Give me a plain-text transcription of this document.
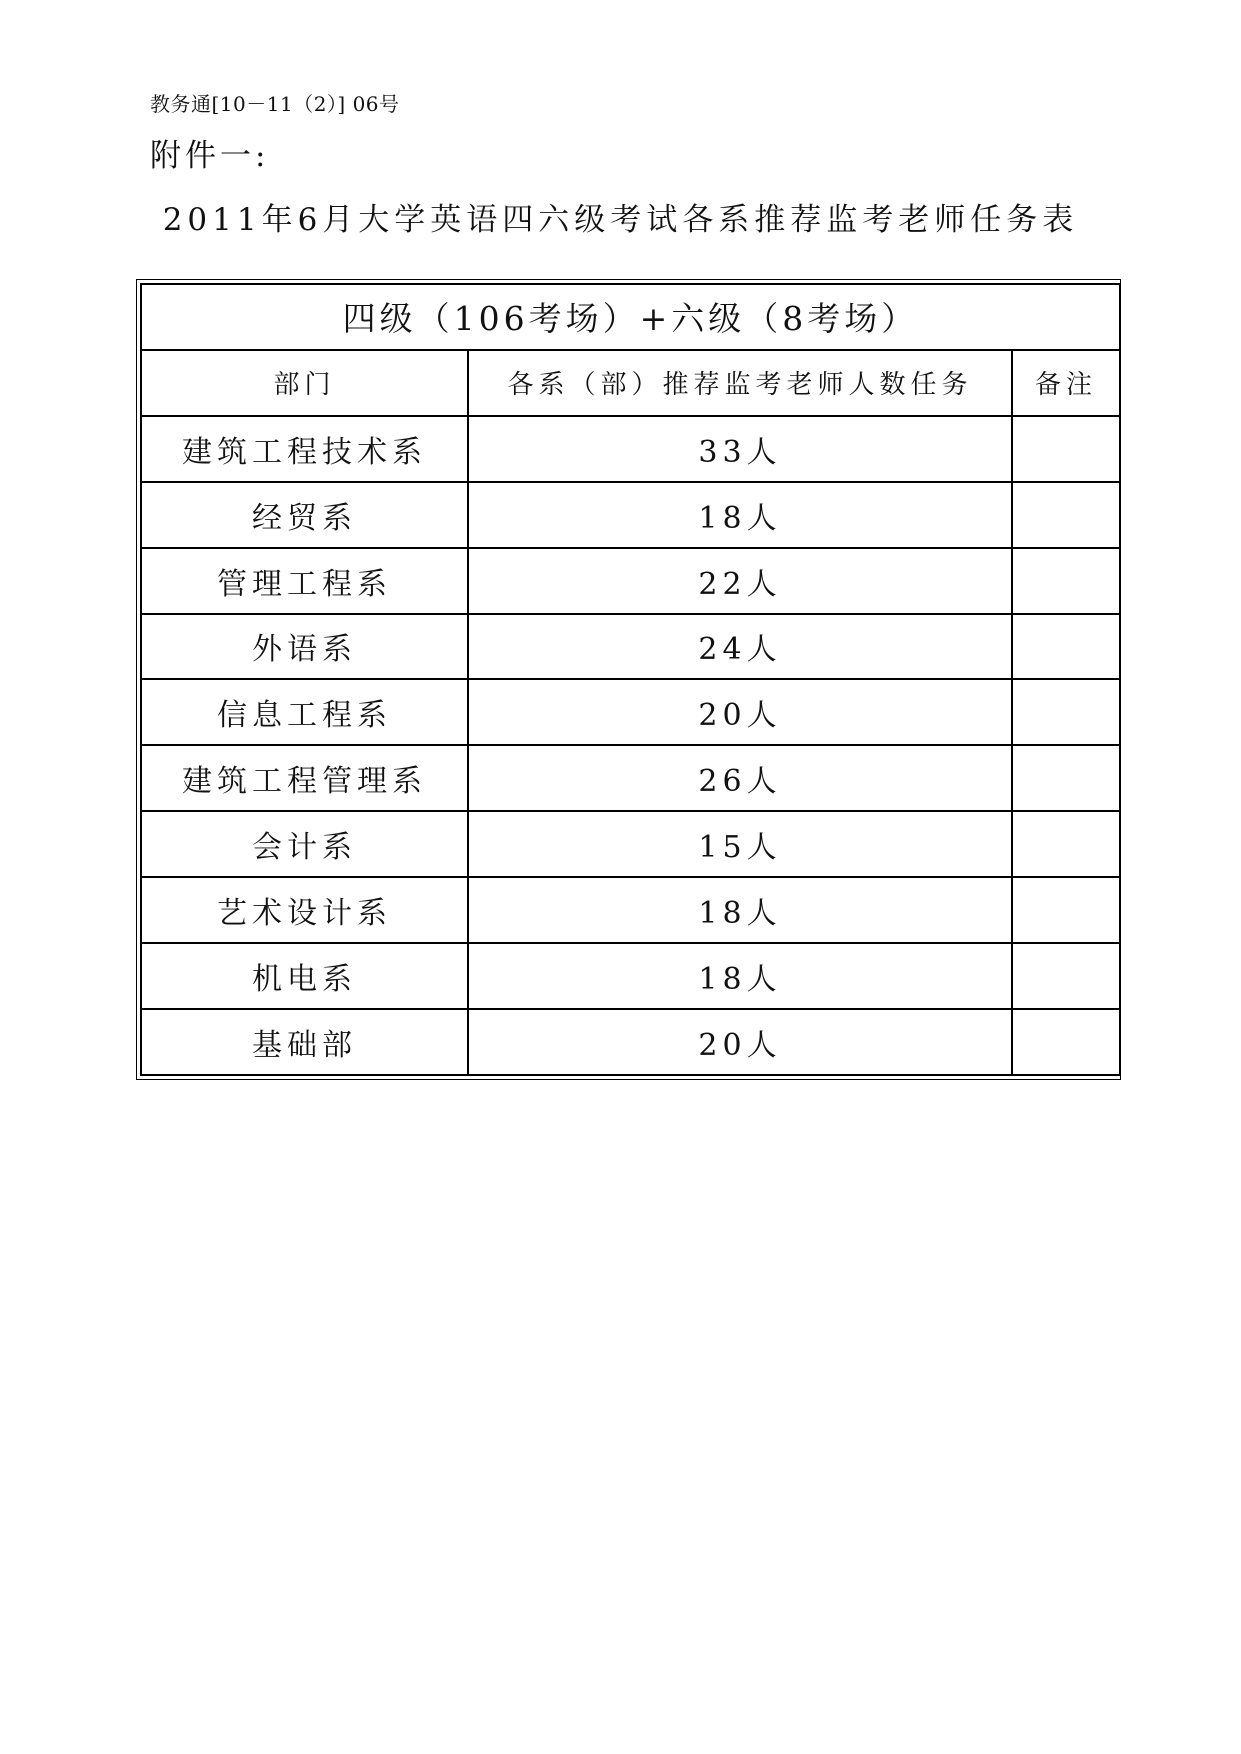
教务通[10－11（2）] 06号
附件一:
2011年6月大学英语四六级考试各系推荐监考老师任务表
四级（106考场）+六级（8考场）		
部门	各系（部）推荐监考老师人数任务	备注
建筑工程技术系	33人	
经贸系	18人	
管理工程系	22人	
外语系	24人	
信息工程系	20人	
建筑工程管理系	26人	
会计系	15人	
艺术设计系	18人	
机电系	18人	
基础部	20人	
